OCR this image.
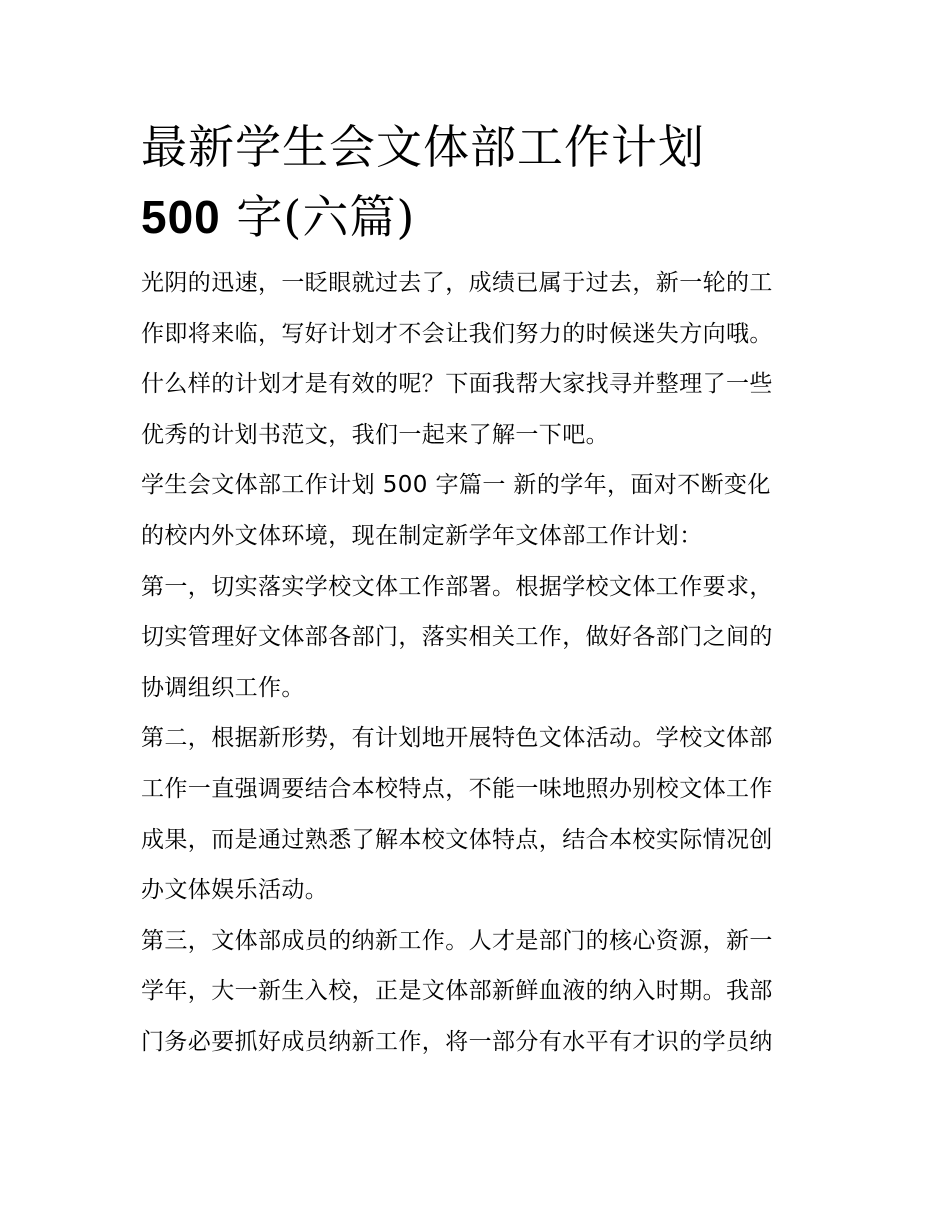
最新学生会文体部工作计划
500 字(六篇)

光阴的迅速，一眨眼就过去了，成绩已属于过去，新一轮的工
作即将来临，写好计划才不会让我们努力的时候迷失方向哦。
什么样的计划才是有效的呢？下面我帮大家找寻并整理了一些
优秀的计划书范文，我们一起来了解一下吧。

学生会文体部工作计划 500 字篇一 新的学年，面对不断变化
的校内外文体环境，现在制定新学年文体部工作计划：

第一，切实落实学校文体工作部署。根据学校文体工作要求，
切实管理好文体部各部门，落实相关工作，做好各部门之间的
协调组织工作。

第二，根据新形势，有计划地开展特色文体活动。学校文体部
工作一直强调要结合本校特点，不能一味地照办别校文体工作
成果，而是通过熟悉了解本校文体特点，结合本校实际情况创
办文体娱乐活动。

第三，文体部成员的纳新工作。人才是部门的核心资源，新一
学年，大一新生入校，正是文体部新鲜血液的纳入时期。我部
门务必要抓好成员纳新工作，将一部分有水平有才识的学员纳
